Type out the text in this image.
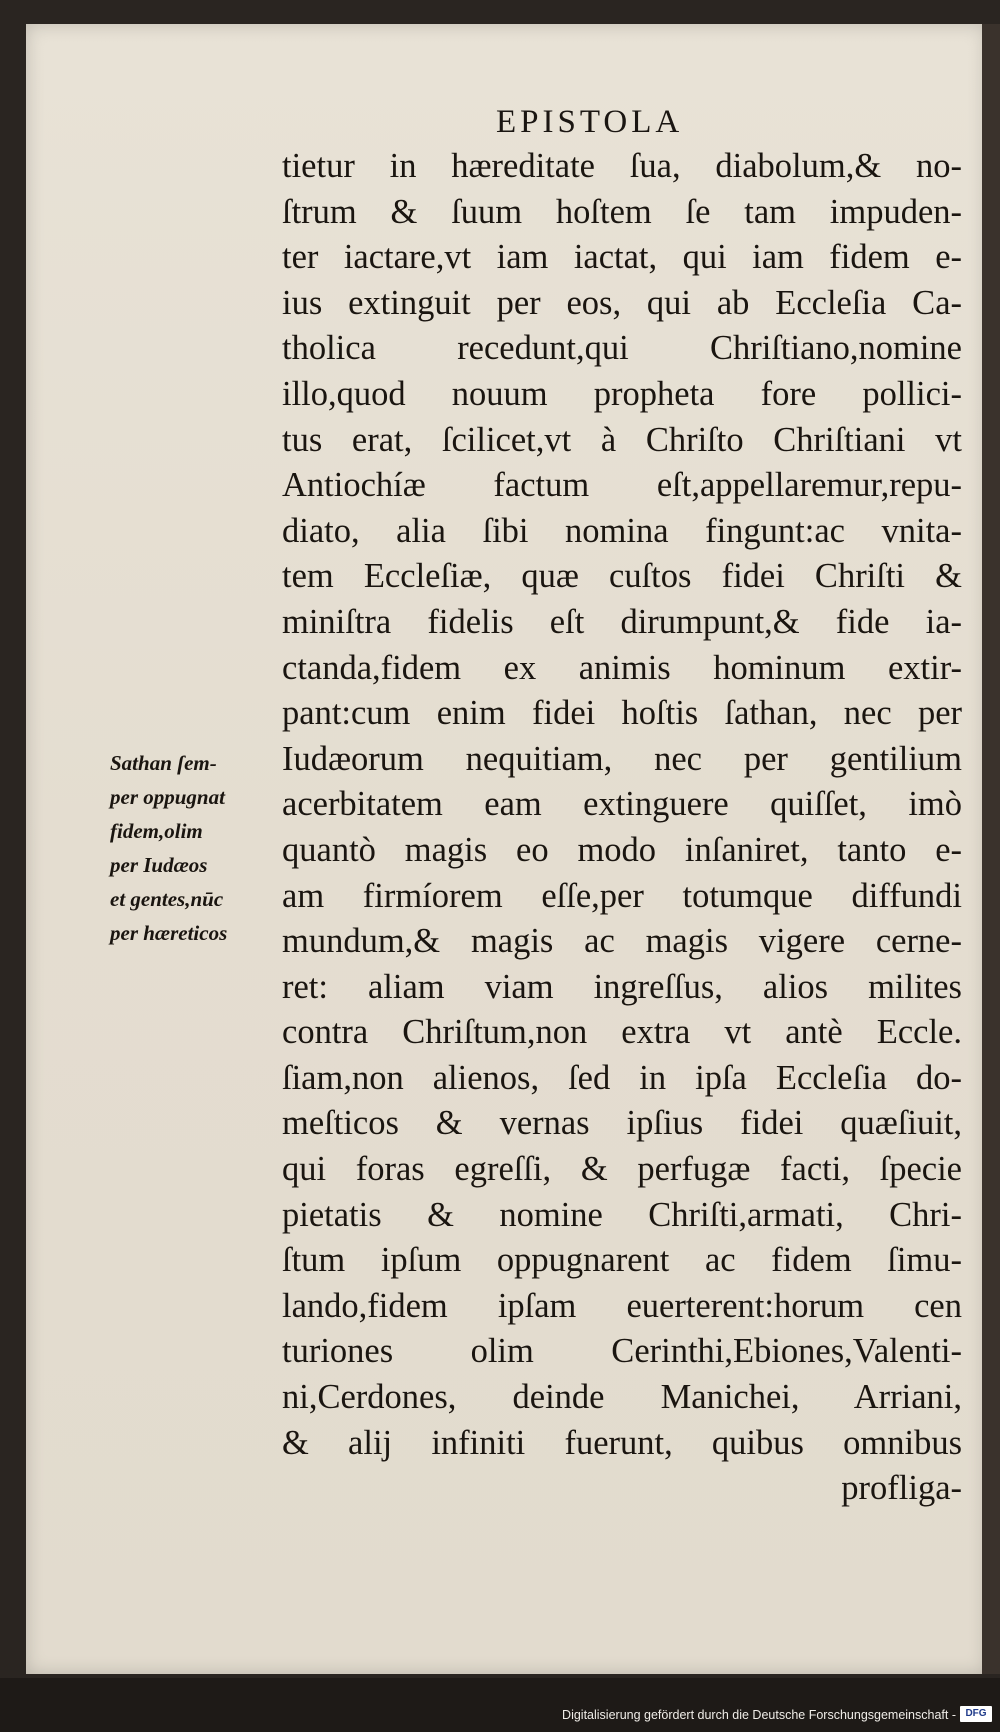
EPISTOLA
tietur in hæreditate ſua, diabolum,& no-
ſtrum & ſuum hoſtem ſe tam impuden-
ter iactare,vt iam iactat, qui iam fidem e-
ius extinguit per eos, qui ab Eccleſia Ca-
tholica recedunt,qui Chriſtiano,nomine
illo,quod nouum propheta fore pollici-
tus erat, ſcilicet,vt à Chriſto Chriſtiani vt
Antiochíæ factum eſt,appellaremur,repu-
diato, alia ſibi nomina fingunt:ac vnita-
tem Eccleſiæ, quæ cuſtos fidei Chriſti &
miniſtra fidelis eſt dirumpunt,& fide ia-
ctanda,fidem ex animis hominum extir-
pant:cum enim fidei hoſtis ſathan, nec per
Iudæorum nequitiam, nec per gentilium
acerbitatem eam extinguere quiſſet, imò
quantò magis eo modo inſaniret, tanto e-
am firmíorem eſſe,per totumque diffundi
mundum,& magis ac magis vigere cerne-
ret: aliam viam ingreſſus, alios milites
contra Chriſtum,non extra vt antè Eccle.
ſiam,non alienos, ſed in ipſa Eccleſia do-
meſticos & vernas ipſius fidei quæſiuit,
qui foras egreſſi, & perfugæ facti, ſpecie
pietatis & nomine Chriſti,armati, Chri-
ſtum ipſum oppugnarent ac fidem ſimu-
lando,fidem ipſam euerterent:horum cen
turiones olim Cerinthi,Ebiones,Valenti-
ni,Cerdones, deinde Manichei, Arriani,
& alij infiniti fuerunt, quibus omnibus
profliga-
Sathan ſem-
per oppugnat
fidem,olim
per Iudæos
et gentes,nūc
per hæreticos
Digitalisierung gefördert durch die Deutsche Forschungsgemeinschaft - DFG
